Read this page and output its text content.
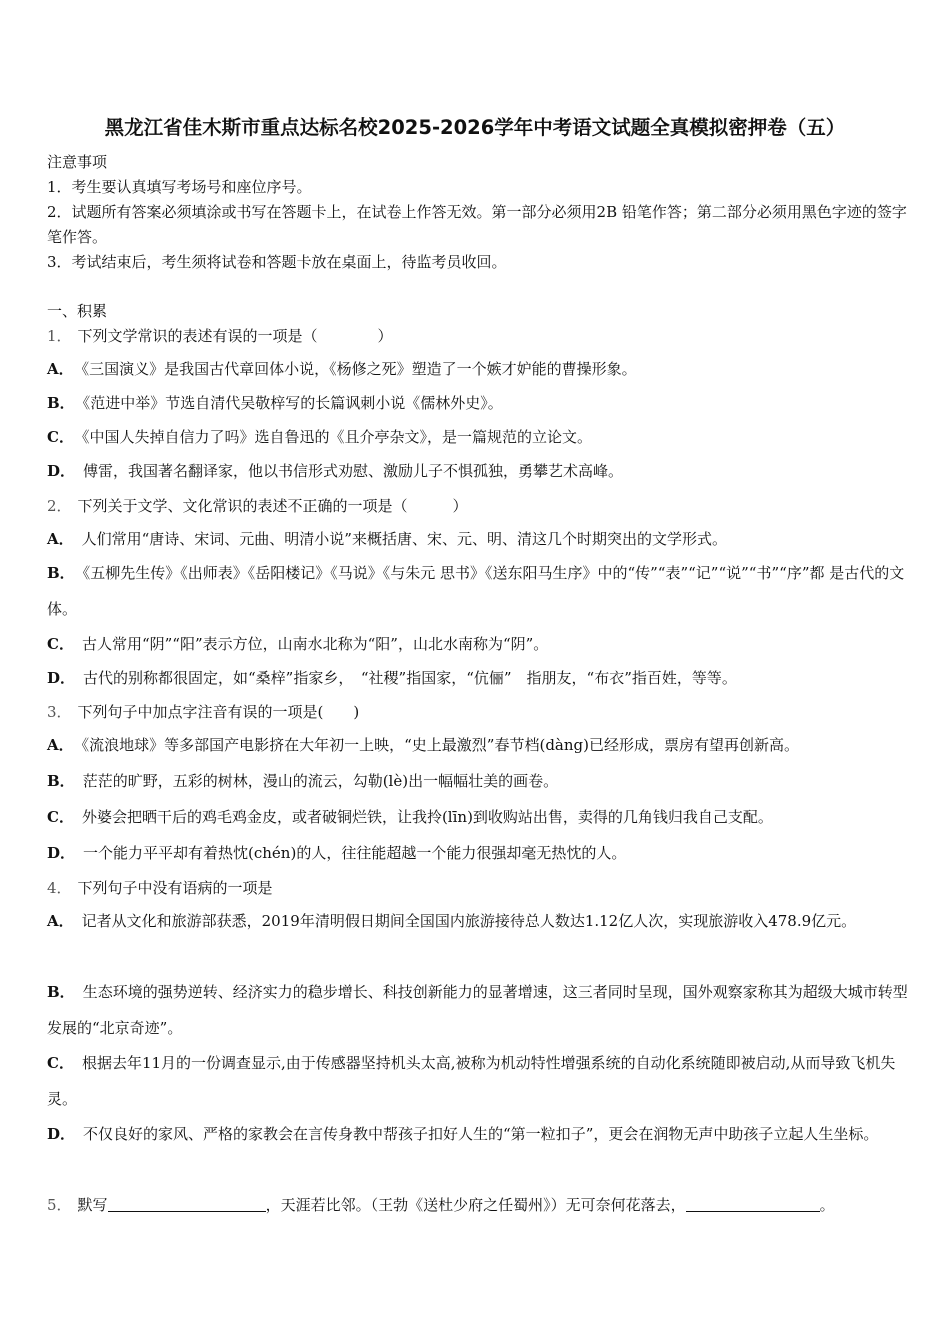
黑龙江省佳木斯市重点达标名校2025-2026学年中考语文试题全真模拟密押卷（五）

注意事项

1．考生要认真填写考场号和座位序号。

2．试题所有答案必须填涂或书写在答题卡上，在试卷上作答无效。第一部分必须用2B 铅笔作答；第二部分必须用黑色字迹的签字笔作答。

3．考试结束后，考生须将试卷和答题卡放在桌面上，待监考员收回。

一、积累
1． 下列文学常识的表述有误的一项是（　　　　）
A． 《三国演义》是我国古代章回体小说，《杨修之死》塑造了一个嫉才妒能的曹操形象。
B． 《范进中举》节选自清代吴敬梓写的长篇讽刺小说《儒林外史》。
C． 《中国人失掉自信力了吗》选自鲁迅的《且介亭杂文》，是一篇规范的立论文。
D． 傅雷，我国著名翻译家，他以书信形式劝慰、激励儿子不惧孤独，勇攀艺术高峰。
2． 下列关于文学、文化常识的表述不正确的一项是（　　　）
A． 人们常用“唐诗、宋词、元曲、明清小说”来概括唐、宋、元、明、清这几个时期突出的文学形式。
B． 《五柳先生传》《出师表》《岳阳楼记》《马说》《与朱元 思书》《送东阳马生序》中的“传”“表”“记”“说”“书”“序”都 是古代的文体。
C． 古人常用“阴”“阳”表示方位，山南水北称为“阳”，山北水南称为“阴”。
D． 古代的别称都很固定，如“桑梓”指家乡，　“社稷”指国家，“伉俪”　指朋友，“布衣”指百姓，等等。
3． 下列句子中加点字注音有误的一项是(　　)
A． 《流浪地球》等多部国产电影挤在大年初一上映，“史上最激烈”春节档(dàng)已经形成，票房有望再创新高。
B． 茫茫的旷野，五彩的树林，漫山的流云，勾勒(lè)出一幅幅壮美的画卷。
C． 外婆会把晒干后的鸡毛鸡金皮，或者破铜烂铁，让我拎(līn)到收购站出售，卖得的几角钱归我自己支配。
D． 一个能力平平却有着热忱(chén)的人，往往能超越一个能力很强却毫无热忱的人。
4． 下列句子中没有语病的一项是
A． 记者从文化和旅游部获悉，2019年清明假日期间全国国内旅游接待总人数达1.12亿人次，实现旅游收入478.9亿元。
B． 生态环境的强势逆转、经济实力的稳步增长、科技创新能力的显著增速，这三者同时呈现，国外观察家称其为超级大城市转型发展的“北京奇迹”。
C． 根据去年11月的一份调查显示,由于传感器坚持机头太高,被称为机动特性增强系统的自动化系统随即被启动,从而导致飞机失灵。
D． 不仅良好的家风、严格的家教会在言传身教中帮孩子扣好人生的“第一粒扣子”，更会在润物无声中助孩子立起人生坐标。
5． 默写	，天涯若比邻。（王勃《送杜少府之任蜀州》）无可奈何花落去，	。
